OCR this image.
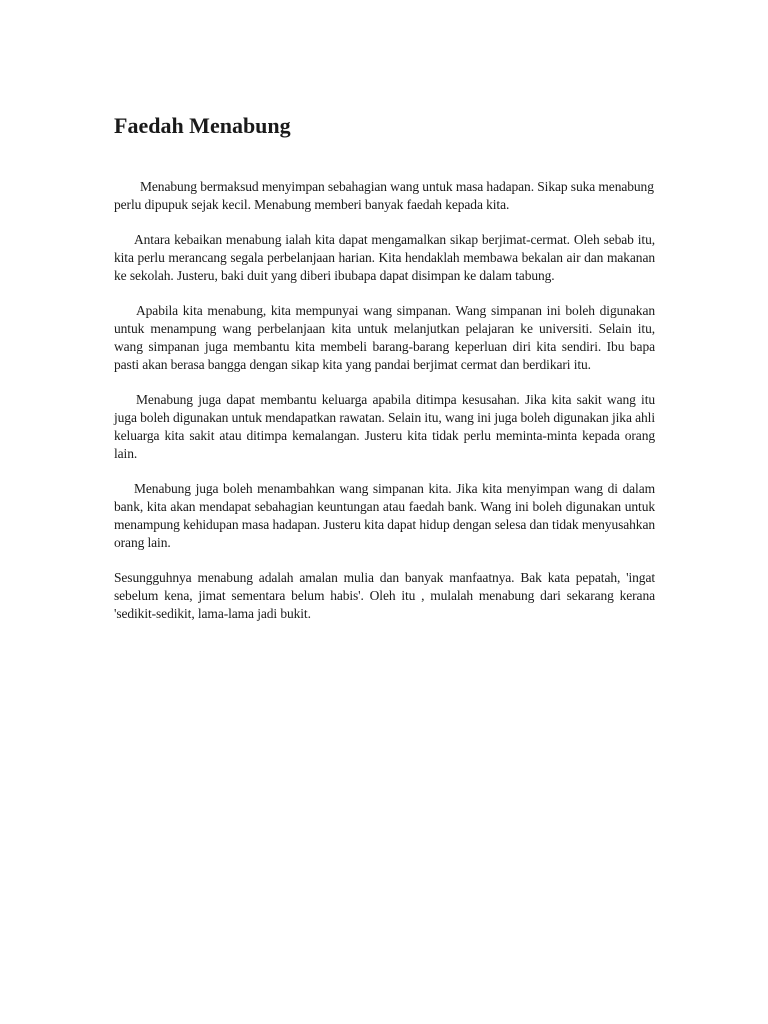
Faedah Menabung

Menabung bermaksud menyimpan sebahagian wang untuk masa hadapan. Sikap suka menabung perlu dipupuk sejak kecil. Menabung memberi banyak faedah kepada kita.

Antara kebaikan menabung ialah kita dapat mengamalkan sikap berjimat-cermat. Oleh sebab itu, kita perlu merancang segala perbelanjaan harian. Kita hendaklah membawa bekalan air dan makanan ke sekolah. Justeru, baki duit yang diberi ibubapa dapat disimpan ke dalam tabung.

Apabila kita menabung, kita mempunyai wang simpanan. Wang simpanan ini boleh digunakan untuk menampung wang perbelanjaan kita untuk melanjutkan pelajaran ke universiti. Selain itu, wang simpanan juga membantu kita membeli barang-barang keperluan diri kita sendiri. Ibu bapa pasti akan berasa bangga dengan sikap kita yang pandai berjimat cermat dan berdikari itu.

Menabung juga dapat membantu keluarga apabila ditimpa kesusahan. Jika kita sakit wang itu juga boleh digunakan untuk mendapatkan rawatan. Selain itu, wang ini juga boleh digunakan jika ahli keluarga kita sakit atau ditimpa kemalangan. Justeru kita tidak perlu meminta-minta kepada orang lain.

Menabung juga boleh menambahkan wang simpanan kita. Jika kita menyimpan wang di dalam bank, kita akan mendapat sebahagian keuntungan atau faedah bank. Wang ini boleh digunakan untuk menampung kehidupan masa hadapan. Justeru kita dapat hidup dengan selesa dan tidak menyusahkan orang lain.

Sesungguhnya menabung adalah amalan mulia dan banyak manfaatnya. Bak kata pepatah, 'ingat sebelum kena, jimat sementara belum habis'. Oleh itu , mulalah menabung dari sekarang kerana 'sedikit-sedikit, lama-lama jadi bukit.
